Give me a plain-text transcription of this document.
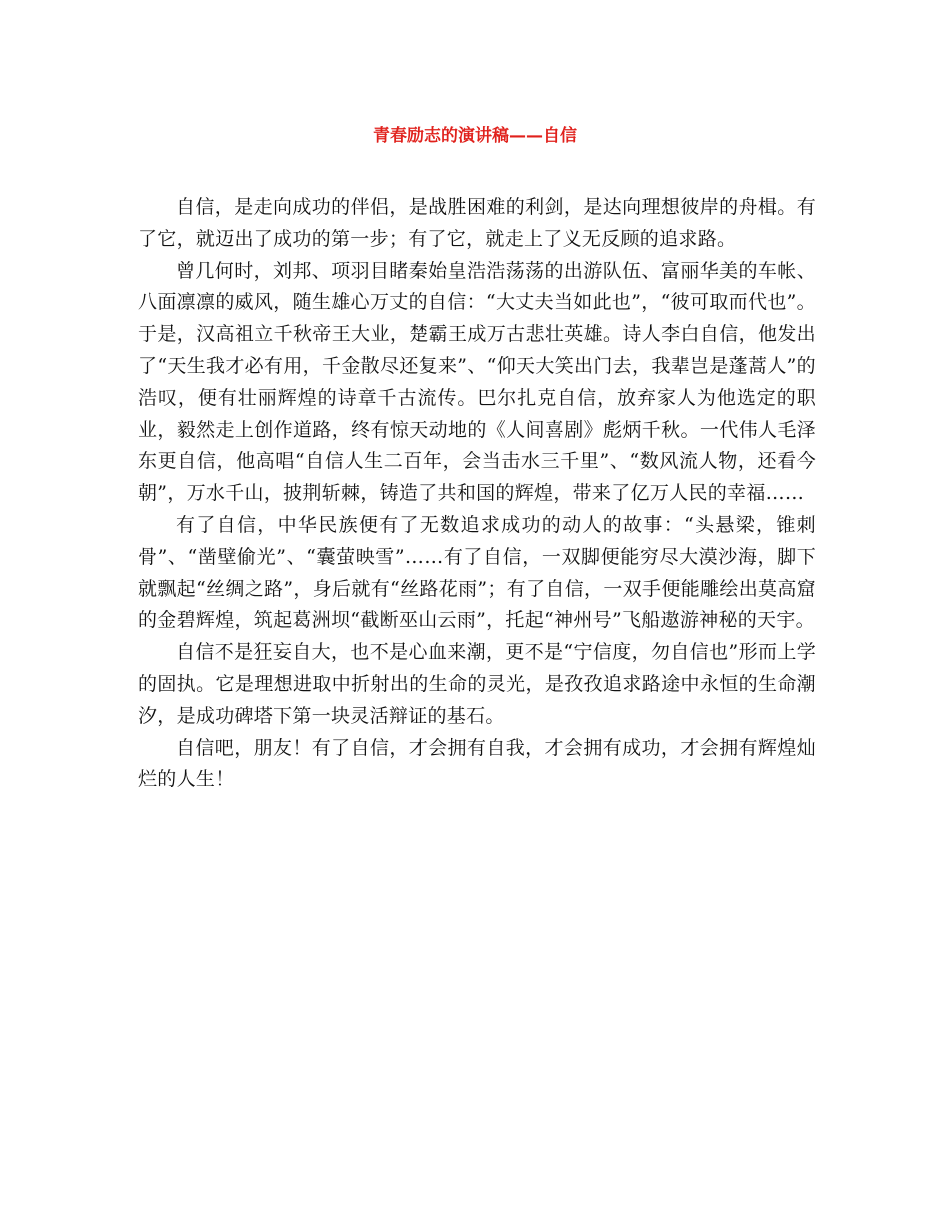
青春励志的演讲稿——自信

自信，是走向成功的伴侣，是战胜困难的利剑，是达向理想彼岸的舟楫。有了它，就迈出了成功的第一步；有了它，就走上了义无反顾的追求路。

曾几何时，刘邦、项羽目睹秦始皇浩浩荡荡的出游队伍、富丽华美的车帐、八面凛凛的威风，随生雄心万丈的自信：“大丈夫当如此也”，“彼可取而代也”。于是，汉高祖立千秋帝王大业，楚霸王成万古悲壮英雄。诗人李白自信，他发出了“天生我才必有用，千金散尽还复来”、“仰天大笑出门去，我辈岂是蓬蒿人”的浩叹，便有壮丽辉煌的诗章千古流传。巴尔扎克自信，放弃家人为他选定的职业，毅然走上创作道路，终有惊天动地的《人间喜剧》彪炳千秋。一代伟人毛泽东更自信，他高唱“自信人生二百年，会当击水三千里”、“数风流人物，还看今朝”，万水千山，披荆斩棘，铸造了共和国的辉煌，带来了亿万人民的幸福……

有了自信，中华民族便有了无数追求成功的动人的故事：“头悬梁，锥刺骨”、“凿壁偷光”、“囊萤映雪”……有了自信，一双脚便能穷尽大漠沙海，脚下就飘起“丝绸之路”，身后就有“丝路花雨”；有了自信，一双手便能雕绘出莫高窟的金碧辉煌，筑起葛洲坝“截断巫山云雨”，托起“神州号”飞船遨游神秘的天宇。

自信不是狂妄自大，也不是心血来潮，更不是“宁信度，勿自信也”形而上学的固执。它是理想进取中折射出的生命的灵光，是孜孜追求路途中永恒的生命潮汐，是成功碑塔下第一块灵活辩证的基石。

自信吧，朋友！有了自信，才会拥有自我，才会拥有成功，才会拥有辉煌灿烂的人生！
